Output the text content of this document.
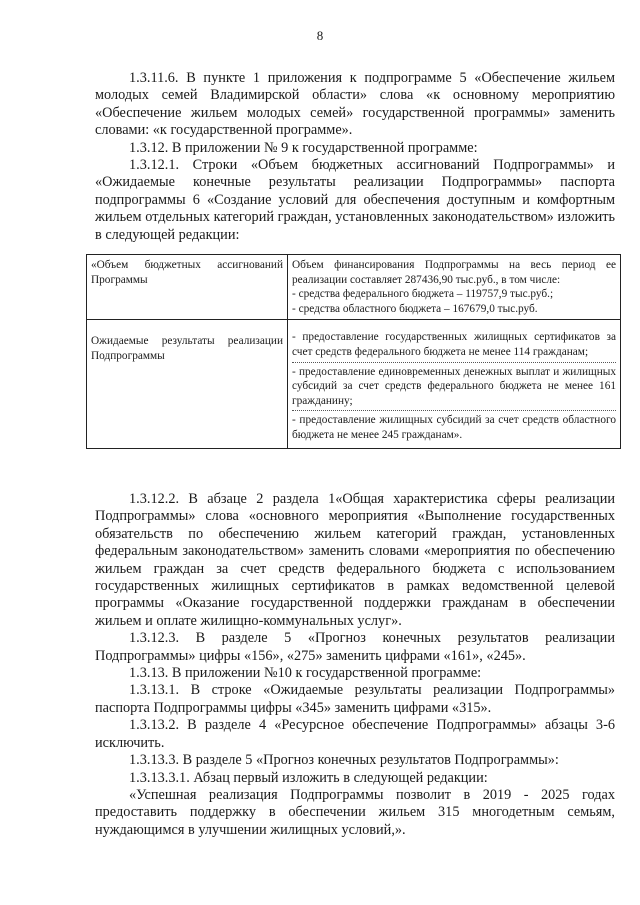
8

1.3.11.6. В пункте 1 приложения к подпрограмме 5 «Обеспечение жильем молодых семей Владимирской области» слова «к основному мероприятию «Обеспечение жильем молодых семей» государственной программы» заменить словами: «к государственной программе».

1.3.12. В приложении № 9 к государственной программе:

1.3.12.1. Строки «Объем бюджетных ассигнований Подпрограммы» и «Ожидаемые конечные результаты реализации Подпрограммы» паспорта подпрограммы 6 «Создание условий для обеспечения доступным и комфортным жильем отдельных категорий граждан, установленных законодательством» изложить в следующей редакции:

«Объем бюджетных ассигнований Программы	Объем финансирования Подпрограммы на весь период ее реализации составляет 287436,90 тыс.руб., в том числе:
- средства федерального бюджета – 119757,9 тыс.руб.;
- средства областного бюджета – 167679,0 тыс.руб.

Ожидаемые результаты реализации Подпрограммы	- предоставление государственных жилищных сертификатов за счет средств федерального бюджета не менее 114 гражданам;
- предоставление единовременных денежных выплат и жилищных субсидий за счет средств федерального бюджета не менее 161 гражданину;
- предоставление жилищных субсидий за счет средств областного бюджета не менее 245 гражданам».

1.3.12.2. В абзаце 2 раздела 1«Общая характеристика сферы реализации Подпрограммы» слова «основного мероприятия «Выполнение государственных обязательств по обеспечению жильем категорий граждан, установленных федеральным законодательством» заменить словами «мероприятия по обеспечению жильем граждан за счет средств федерального бюджета с использованием государственных жилищных сертификатов в рамках ведомственной целевой программы «Оказание государственной поддержки гражданам в обеспечении жильем и оплате жилищно-коммунальных услуг».

1.3.12.3. В разделе 5 «Прогноз конечных результатов реализации Подпрограммы» цифры «156», «275» заменить цифрами «161», «245».

1.3.13. В приложении №10 к государственной программе:

1.3.13.1. В строке «Ожидаемые результаты реализации Подпрограммы» паспорта Подпрограммы цифры «345» заменить цифрами «315».

1.3.13.2. В разделе 4 «Ресурсное обеспечение Подпрограммы» абзацы 3-6 исключить.

1.3.13.3. В разделе 5 «Прогноз конечных результатов Подпрограммы»:

1.3.13.3.1. Абзац первый изложить в следующей редакции:

«Успешная реализация Подпрограммы позволит в 2019 - 2025 годах предоставить поддержку в обеспечении жильем 315 многодетным семьям, нуждающимся в улучшении жилищных условий,».
